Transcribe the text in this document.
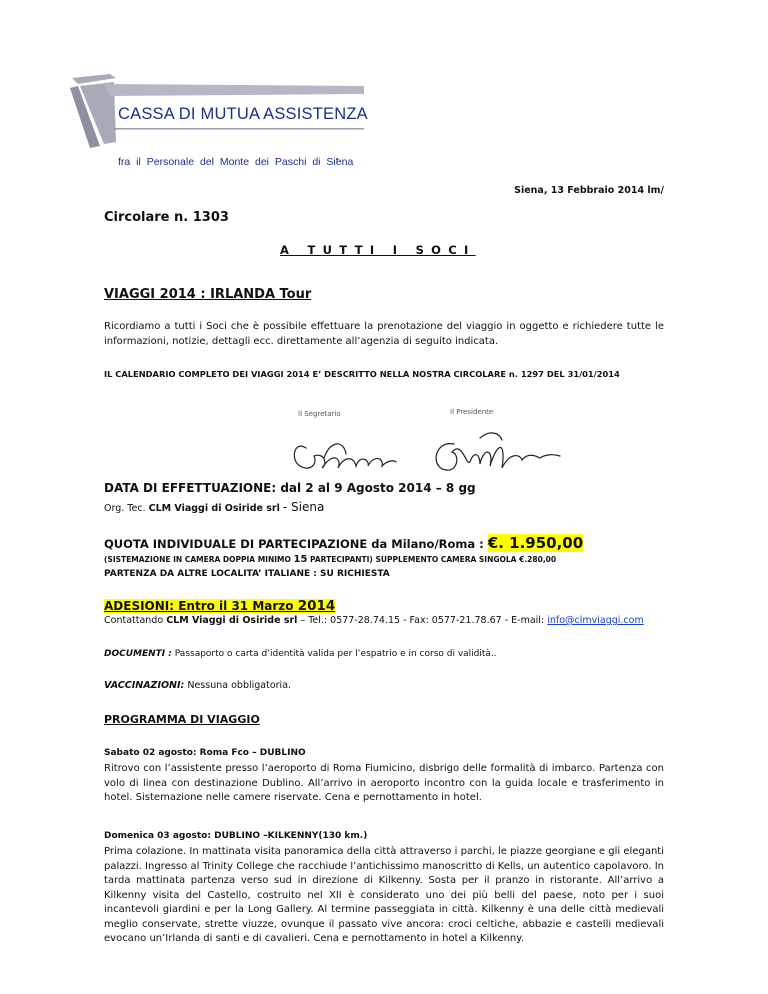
CASSA DI MUTUA ASSISTENZA
fra il Personale del Monte dei Paschi di Siena
Siena, 13 Febbraio 2014 lm/
Circolare n. 1303
A TUTTI I SOCI
VIAGGI 2014 : IRLANDA Tour
Ricordiamo a tutti i Soci che è possibile effettuare la prenotazione del viaggio in oggetto e richiedere tutte le informazioni, notizie, dettagli ecc. direttamente all’agenzia di seguito indicata.
IL CALENDARIO COMPLETO DEI VIAGGI 2014 E’ DESCRITTO NELLA NOSTRA CIRCOLARE n. 1297 DEL 31/01/2014
Il Segretario	Il Presidente
DATA DI EFFETTUAZIONE: dal 2 al 9 Agosto 2014 – 8 gg
Org. Tec. CLM Viaggi di Osiride srl - Siena
QUOTA INDIVIDUALE DI PARTECIPAZIONE da Milano/Roma : €. 1.950,00
(SISTEMAZIONE IN CAMERA DOPPIA MINIMO 15 PARTECIPANTI) SUPPLEMENTO CAMERA SINGOLA €.280,00
PARTENZA DA ALTRE LOCALITA’ ITALIANE : SU RICHIESTA
ADESIONI: Entro il 31 Marzo 2014
Contattando CLM Viaggi di Osiride srl – Tel.: 0577-28.74.15 - Fax: 0577-21.78.67 - E-mail: info@clmviaggi.com
DOCUMENTI : Passaporto o carta d’identità valida per l’espatrio e in corso di validità..
VACCINAZIONI: Nessuna obbligatoria.
PROGRAMMA DI VIAGGIO
Sabato 02 agosto: Roma Fco – DUBLINO
Ritrovo con l’assistente presso l’aeroporto di Roma Fiumicino, disbrigo delle formalità di imbarco. Partenza con volo di linea con destinazione Dublino. All’arrivo in aeroporto incontro con la guida locale e trasferimento in hotel. Sistemazione nelle camere riservate. Cena e pernottamento in hotel.
Domenica 03 agosto: DUBLINO –KILKENNY(130 km.)
Prima colazione. In mattinata visita panoramica della città attraverso i parchi, le piazze georgiane e gli eleganti palazzi. Ingresso al Trinity College che racchiude l’antichissimo manoscritto di Kells, un autentico capolavoro. In tarda mattinata partenza verso sud in direzione di Kilkenny. Sosta per il pranzo in ristorante. All’arrivo a Kilkenny visita del Castello, costruito nel XII è considerato uno dei più belli del paese, noto per i suoi incantevoli giardini e per la Long Gallery. Al termine passeggiata in città. Kilkenny è una delle città medievali meglio conservate, strette viuzze, ovunque il passato vive ancora: croci celtiche, abbazie e castelli medievali evocano un’Irlanda di santi e di cavalieri. Cena e pernottamento in hotel a Kilkenny.
